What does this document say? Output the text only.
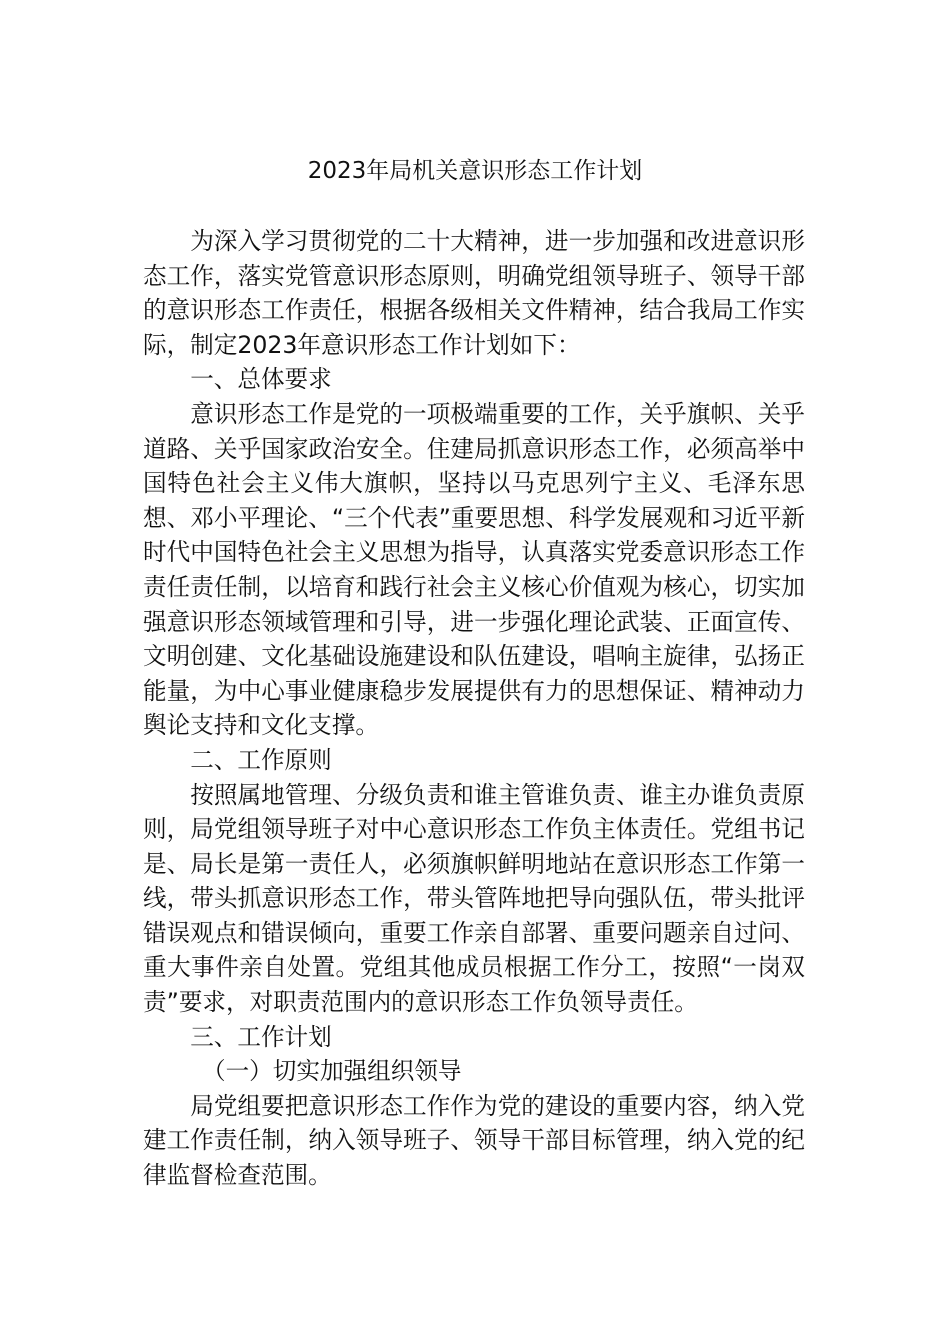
2023年局机关意识形态工作计划

为深入学习贯彻党的二十大精神，进一步加强和改进意识形态工作，落实党管意识形态原则，明确党组领导班子、领导干部的意识形态工作责任，根据各级相关文件精神，结合我局工作实际，制定2023年意识形态工作计划如下：

一、总体要求

意识形态工作是党的一项极端重要的工作，关乎旗帜、关乎道路、关乎国家政治安全。住建局抓意识形态工作，必须高举中国特色社会主义伟大旗帜，坚持以马克思列宁主义、毛泽东思想、邓小平理论、“三个代表”重要思想、科学发展观和习近平新时代中国特色社会主义思想为指导，认真落实党委意识形态工作责任责任制，以培育和践行社会主义核心价值观为核心，切实加强意识形态领域管理和引导，进一步强化理论武装、正面宣传、文明创建、文化基础设施建设和队伍建设，唱响主旋律，弘扬正能量，为中心事业健康稳步发展提供有力的思想保证、精神动力舆论支持和文化支撑。

二、工作原则

按照属地管理、分级负责和谁主管谁负责、谁主办谁负责原则，局党组领导班子对中心意识形态工作负主体责任。党组书记是、局长是第一责任人，必须旗帜鲜明地站在意识形态工作第一线，带头抓意识形态工作，带头管阵地把导向强队伍，带头批评错误观点和错误倾向，重要工作亲自部署、重要问题亲自过问、重大事件亲自处置。党组其他成员根据工作分工，按照“一岗双责”要求，对职责范围内的意识形态工作负领导责任。

三、工作计划

（一）切实加强组织领导

局党组要把意识形态工作作为党的建设的重要内容，纳入党建工作责任制，纳入领导班子、领导干部目标管理，纳入党的纪律监督检查范围。
